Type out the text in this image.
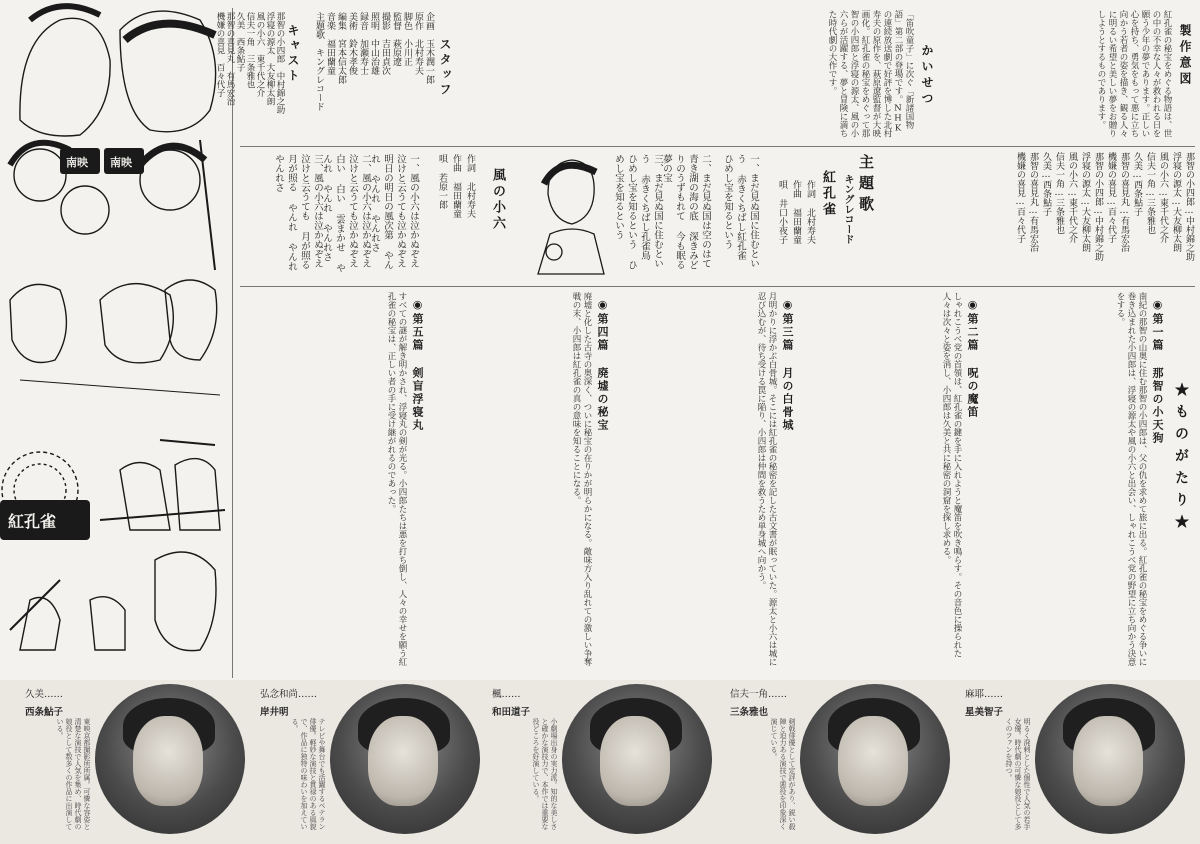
南映 南映
紅孔雀
キャスト
那智の小四郎　中村錦之助
浮寝の源太　大友柳太朗
風の小六　東千代之介
信夫一角　三条雅也
久美　西条鮎子
那智の喜見丸　有馬宏治
機嫌の喜見　百々代子	スタッフ
企画　玉木潤一郎
原作　北村寿夫
脚色　小川正
監督　萩原遼
撮影　吉田貞次
照明　中山治雄
録音　加瀬寿士
美術　鈴木孝俊
編集　宮本信太郎
音楽　福田蘭童
主題歌　キングレコード	かいせつ
「笛吹童子」に次ぐ「新諸国物語」第二部の登場です。NHKの連続放送劇で好評を博した北村寿夫の原作を、萩原遼監督が大映画化。紅孔雀の秘宝をめぐって那智の小四郎と浮寝の源太、風の小六らが活躍する、夢と冒険に満ちた時代劇の大作です。	製作意図
紅孔雀の秘宝をめぐる物語は、世の中の不幸な人々が救われる日を願う少年の夢であります。正しい心を持ち、勇気をもって悪に立ち向かう若者の姿を描き、観る人々に明るい希望と美しい夢をお贈りしようとするものであります。
一、風の小六は泣かぬぞえ 泣けと云うても泣かぬぞえ 明日の明日の風次第 やんれ やんれ やんれさ
二、風の小六は泣かぬぞえ 泣けと云うても泣かぬぞえ 白い 白い 雲まかせ やんれ やんれ やんれさ
三、風の小六は泣かぬぞえ 泣けと云うても 月が照る 月が照る やんれ やんれ やんれさ	風の小六
作詞 北村寿夫
作曲 福田蘭童
唄 若原一郎	一、まだ見ぬ国に住むという 赤きくちばし紅孔雀 ひめし宝を知るという
二、まだ見ぬ国は空のはて 青き湖の海の底 深きみどりのうずもれて 今も眠る夢の宝
三、まだ見ぬ国に住むという 赤きくちばし孔雀鳥 ひめし宝を知るという ひめし宝を知るという	作詞 北村寿夫
作曲 福田蘭童
唄 井口小夜子	紅孔雀 キングレコード 主題歌	那智の小四郎…中村錦之助
浮寝の源太…大友柳太朗
風の小六…東千代之介
信夫一角…三条雅也
久美…西条鮎子
那智の喜見丸…有馬宏治
機嫌の喜見…百々代子
那智の小四郎…中村錦之助
浮寝の源太…大友柳太朗
風の小六…東千代之介
信夫一角…三条雅也
久美…西条鮎子
那智の喜見丸…有馬宏治
機嫌の喜見…百々代子
★ものがたり★
◉第一篇 那智の小天狗
南紀の那智の山奥に住む那智の小四郎は、父の仇を求めて旅に出る。紅孔雀の秘宝をめぐる争いに巻き込まれた小四郎は、浮寝の源太や風の小六と出会い、しゃれこうべ党の野望に立ち向かう決意をする。
◉第二篇 呪の魔笛
しゃれこうべ党の首領は、紅孔雀の鍵を手に入れようと魔笛を吹き鳴らす。その音色に操られた人々は次々と姿を消し、小四郎は久美と共に秘密の洞窟を探し求める。
◉第三篇 月の白骨城
月明かりに浮かぶ白骨城。そこには紅孔雀の秘密を記した古文書が眠っていた。源太と小六は城に忍び込むが、待ち受ける罠に陥り、小四郎は仲間を救うため単身城へ向かう。
◉第四篇 廃墟の秘宝
廃墟と化した古寺の奥深く、ついに秘宝の在りかが明らかになる。敵味方入り乱れての激しい争奪戦の末、小四郎は紅孔雀の真の意味を知ることになる。
◉第五篇 剣盲浮寝丸
すべての謎が解き明かされ、浮寝丸の剣が光る。小四郎たちは悪を打ち倒し、人々の幸せを願う紅孔雀の秘宝は、正しい者の手に受け継がれるのであった。
久美……
西条鮎子
東映京都撮影所所属。可憐な容姿と清楚な演技で人気を集め、時代劇の娘役として数多くの作品に出演している。
弘念和尚……
岸井明
テレビや舞台でも活躍するベテラン俳優。軽妙な演技と貫禄のある風貌で、作品に独特の味わいを加えている。
楓……
和田道子
小劇場出身の実力派。知的な美しさと確かな演技力で、本作では重要な役どころを好演している。
信夫一角……
三条雅也
剣戟俳優として定評があり、鋭い殺陣と迫力ある演技で悪役を印象深く演じている。
麻耶……
星美智子
明るく溌剌とした個性で人気の若手女優。時代劇の可憐な娘役として多くのファンを持つ。
